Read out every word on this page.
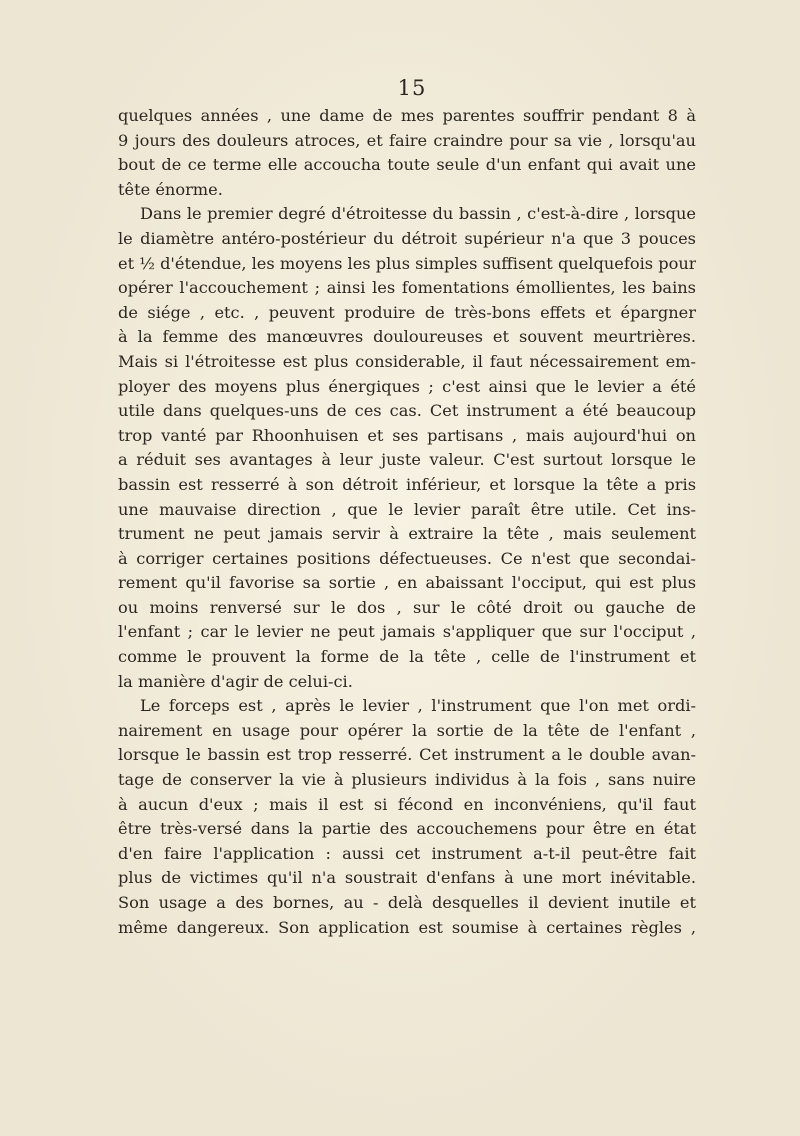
15
quelques années , une dame de mes parentes souffrir pendant 8 à
9 jours des douleurs atroces, et faire craindre pour sa vie , lorsqu'au
bout de ce terme elle accoucha toute seule d'un enfant qui avait une
tête énorme.
Dans le premier degré d'étroitesse du bassin , c'est-à-dire , lorsque
le diamètre antéro-postérieur du détroit supérieur n'a que 3 pouces
et ½ d'étendue, les moyens les plus simples suffisent quelquefois pour
opérer l'accouchement ; ainsi les fomentations émollientes, les bains
de siége , etc. , peuvent produire de très-bons effets et épargner
à la femme des manœuvres douloureuses et souvent meurtrières.
Mais si l'étroitesse est plus considerable, il faut nécessairement em-
ployer des moyens plus énergiques ; c'est ainsi que le levier a été
utile dans quelques-uns de ces cas. Cet instrument a été beaucoup
trop vanté par Rhoonhuisen et ses partisans , mais aujourd'hui on
a réduit ses avantages à leur juste valeur. C'est surtout lorsque le
bassin est resserré à son détroit inférieur, et lorsque la tête a pris
une mauvaise direction , que le levier paraît être utile. Cet ins-
trument ne peut jamais servir à extraire la tête , mais seulement
à corriger certaines positions défectueuses. Ce n'est que secondai-
rement qu'il favorise sa sortie , en abaissant l'occiput, qui est plus
ou moins renversé sur le dos , sur le côté droit ou gauche de
l'enfant ; car le levier ne peut jamais s'appliquer que sur l'occiput ,
comme le prouvent la forme de la tête , celle de l'instrument et
la manière d'agir de celui-ci.
Le forceps est , après le levier , l'instrument que l'on met ordi-
nairement en usage pour opérer la sortie de la tête de l'enfant ,
lorsque le bassin est trop resserré. Cet instrument a le double avan-
tage de conserver la vie à plusieurs individus à la fois , sans nuire
à aucun d'eux ; mais il est si fécond en inconvéniens, qu'il faut
être très-versé dans la partie des accouchemens pour être en état
d'en faire l'application : aussi cet instrument a-t-il peut-être fait
plus de victimes qu'il n'a soustrait d'enfans à une mort inévitable.
Son usage a des bornes, au - delà desquelles il devient inutile et
même dangereux. Son application est soumise à certaines règles ,
